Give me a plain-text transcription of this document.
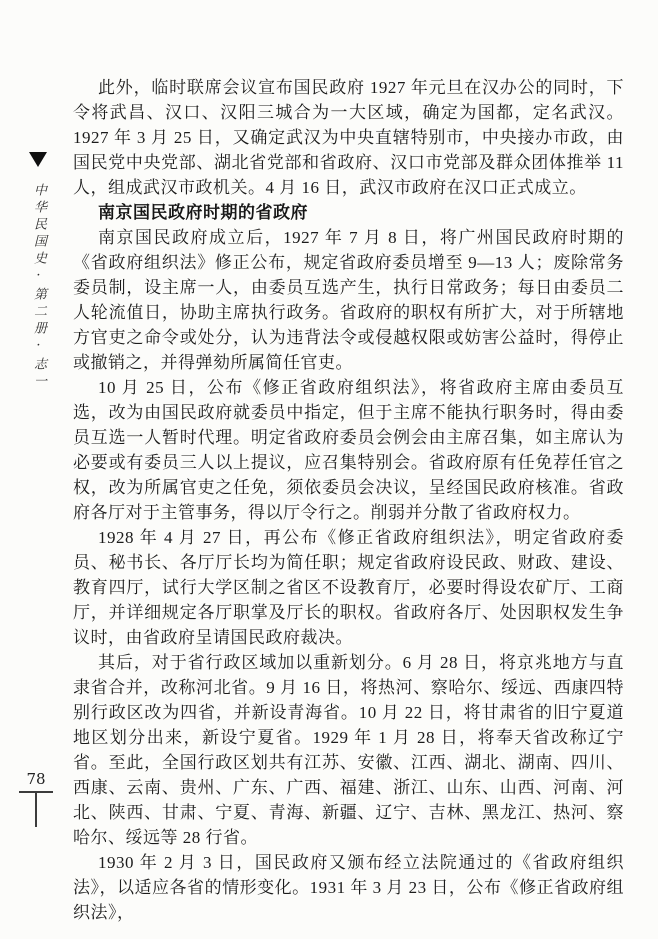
中华民国史·第二册·志一
78

此外，临时联席会议宣布国民政府 1927 年元旦在汉办公的同时，下令将武昌、汉口、汉阳三城合为一大区域，确定为国都，定名武汉。1927 年 3 月 25 日，又确定武汉为中央直辖特别市，中央接办市政，由国民党中央党部、湖北省党部和省政府、汉口市党部及群众团体推举 11 人，组成武汉市政机关。4 月 16 日，武汉市政府在汉口正式成立。

南京国民政府时期的省政府

南京国民政府成立后，1927 年 7 月 8 日，将广州国民政府时期的《省政府组织法》修正公布，规定省政府委员增至 9—13 人；废除常务委员制，设主席一人，由委员互选产生，执行日常政务；每日由委员二人轮流值日，协助主席执行政务。省政府的职权有所扩大，对于所辖地方官吏之命令或处分，认为违背法令或侵越权限或妨害公益时，得停止或撤销之，并得弹劾所属简任官吏。

10 月 25 日，公布《修正省政府组织法》，将省政府主席由委员互选，改为由国民政府就委员中指定，但于主席不能执行职务时，得由委员互选一人暂时代理。明定省政府委员会例会由主席召集，如主席认为必要或有委员三人以上提议，应召集特别会。省政府原有任免荐任官之权，改为所属官吏之任免，须依委员会决议，呈经国民政府核准。省政府各厅对于主管事务，得以厅令行之。削弱并分散了省政府权力。

1928 年 4 月 27 日，再公布《修正省政府组织法》，明定省政府委员、秘书长、各厅厅长均为简任职；规定省政府设民政、财政、建设、教育四厅，试行大学区制之省区不设教育厅，必要时得设农矿厅、工商厅，并详细规定各厅职掌及厅长的职权。省政府各厅、处因职权发生争议时，由省政府呈请国民政府裁决。

其后，对于省行政区域加以重新划分。6 月 28 日，将京兆地方与直隶省合并，改称河北省。9 月 16 日，将热河、察哈尔、绥远、西康四特别行政区改为四省，并新设青海省。10 月 22 日，将甘肃省的旧宁夏道地区划分出来，新设宁夏省。1929 年 1 月 28 日，将奉天省改称辽宁省。至此，全国行政区划共有江苏、安徽、江西、湖北、湖南、四川、西康、云南、贵州、广东、广西、福建、浙江、山东、山西、河南、河北、陕西、甘肃、宁夏、青海、新疆、辽宁、吉林、黑龙江、热河、察哈尔、绥远等 28 行省。

1930 年 2 月 3 日，国民政府又颁布经立法院通过的《省政府组织法》，以适应各省的情形变化。1931 年 3 月 23 日，公布《修正省政府组织法》，
